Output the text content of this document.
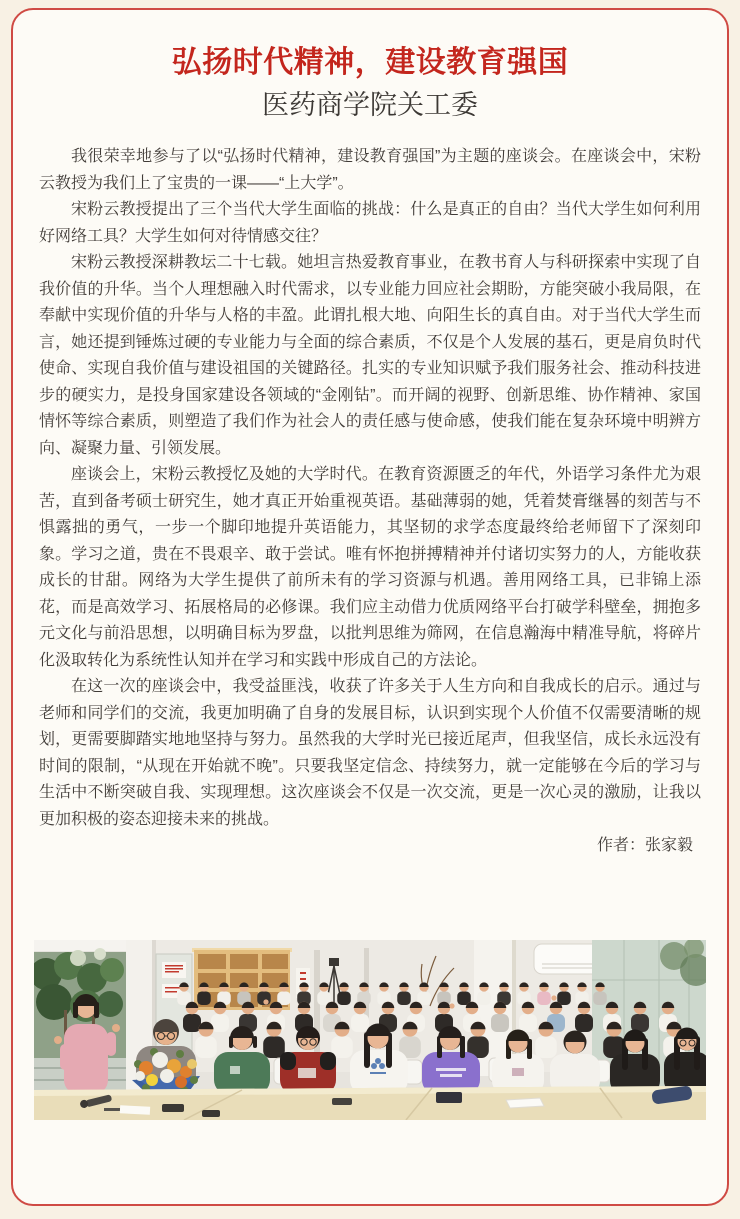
弘扬时代精神，建设教育强国
医药商学院关工委

我很荣幸地参与了以“弘扬时代精神，建设教育强国”为主题的座谈会。在座谈会中，宋粉云教授为我们上了宝贵的一课——“上大学”。

宋粉云教授提出了三个当代大学生面临的挑战：什么是真正的自由？当代大学生如何利用好网络工具？大学生如何对待情感交往？

宋粉云教授深耕教坛二十七载。她坦言热爱教育事业，在教书育人与科研探索中实现了自我价值的升华。当个人理想融入时代需求，以专业能力回应社会期盼，方能突破小我局限，在奉献中实现价值的升华与人格的丰盈。此谓扎根大地、向阳生长的真自由。对于当代大学生而言，她还提到锤炼过硬的专业能力与全面的综合素质，不仅是个人发展的基石，更是肩负时代使命、实现自我价值与建设祖国的关键路径。扎实的专业知识赋予我们服务社会、推动科技进步的硬实力，是投身国家建设各领域的“金刚钻”。而开阔的视野、创新思维、协作精神、家国情怀等综合素质，则塑造了我们作为社会人的责任感与使命感，使我们能在复杂环境中明辨方向、凝聚力量、引领发展。

座谈会上，宋粉云教授忆及她的大学时代。在教育资源匮乏的年代，外语学习条件尤为艰苦，直到备考硕士研究生，她才真正开始重视英语。基础薄弱的她，凭着焚膏继晷的刻苦与不惧露拙的勇气，一步一个脚印地提升英语能力，其坚韧的求学态度最终给老师留下了深刻印象。学习之道，贵在不畏艰辛、敢于尝试。唯有怀抱拼搏精神并付诸切实努力的人，方能收获成长的甘甜。网络为大学生提供了前所未有的学习资源与机遇。善用网络工具，已非锦上添花，而是高效学习、拓展格局的必修课。我们应主动借力优质网络平台打破学科壁垒，拥抱多元文化与前沿思想，以明确目标为罗盘，以批判思维为筛网，在信息瀚海中精准导航，将碎片化汲取转化为系统性认知并在学习和实践中形成自己的方法论。

在这一次的座谈会中，我受益匪浅，收获了许多关于人生方向和自我成长的启示。通过与老师和同学们的交流，我更加明确了自身的发展目标，认识到实现个人价值不仅需要清晰的规划，更需要脚踏实地地坚持与努力。虽然我的大学时光已接近尾声，但我坚信，成长永远没有时间的限制，“从现在开始就不晚”。只要我坚定信念、持续努力，就一定能够在今后的学习与生活中不断突破自我、实现理想。这次座谈会不仅是一次交流，更是一次心灵的激励，让我以更加积极的姿态迎接未来的挑战。

作者：张家毅
